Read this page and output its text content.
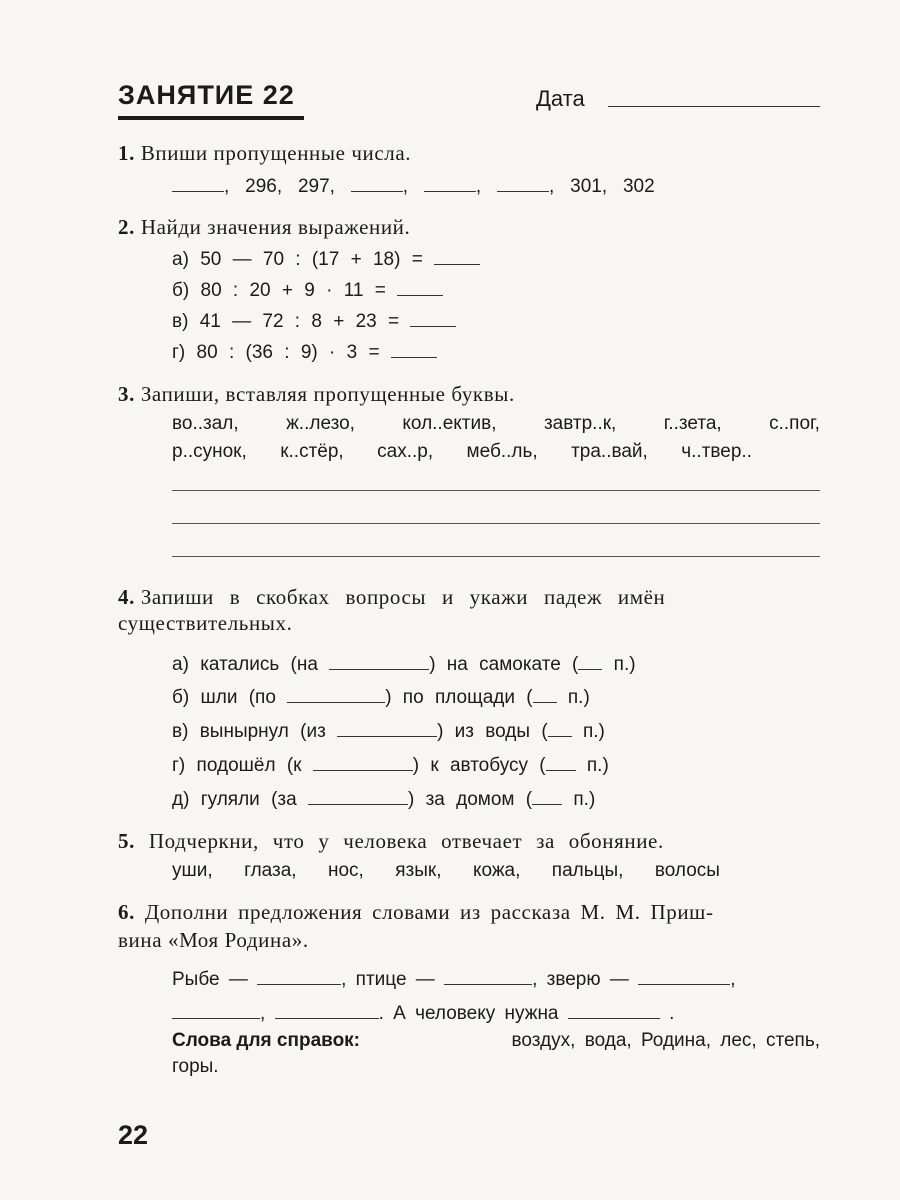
ЗАНЯТИЕ 22	Дата
1. Впиши пропущенные числа.
,   296, 297,	,	,	,   301, 302
2. Найди значения выражений.
а) 50 — 70 : (17 + 18) =
б) 80 : 20 + 9 · 11 =
в) 41 — 72 : 8 + 23 =
г) 80 : (36 : 9) · 3 =
3. Запиши, вставляя пропущенные буквы.
во..зал, ж..лезо, кол..ектив, завтр..к, г..зета, с..пог,
р..сунок, к..стёр, сах..р, меб..ль, тра..вай, ч..твер..
4. Запиши в скобках вопросы и укажи падеж имён
существительных.
а) катались (на	) на самокате ( п.)
б) шли (по	) по площади ( п.)
в) вынырнул (из	) из воды ( п.)
г) подошёл (к	) к автобусу ( п.)
д) гуляли (за	) за домом ( п.)
5. Подчеркни, что у человека отвечает за обоняние.
уши, глаза, нос, язык, кожа, пальцы, волосы
6. Дополни предложения словами из рассказа М. М. Приш-
вина «Моя Родина».
Рыбе —	, птице —	, зверю —	,
,	. А человеку нужна	.
Слова для справок:	воздух, вода, Родина, лес, степь,
горы.
22
